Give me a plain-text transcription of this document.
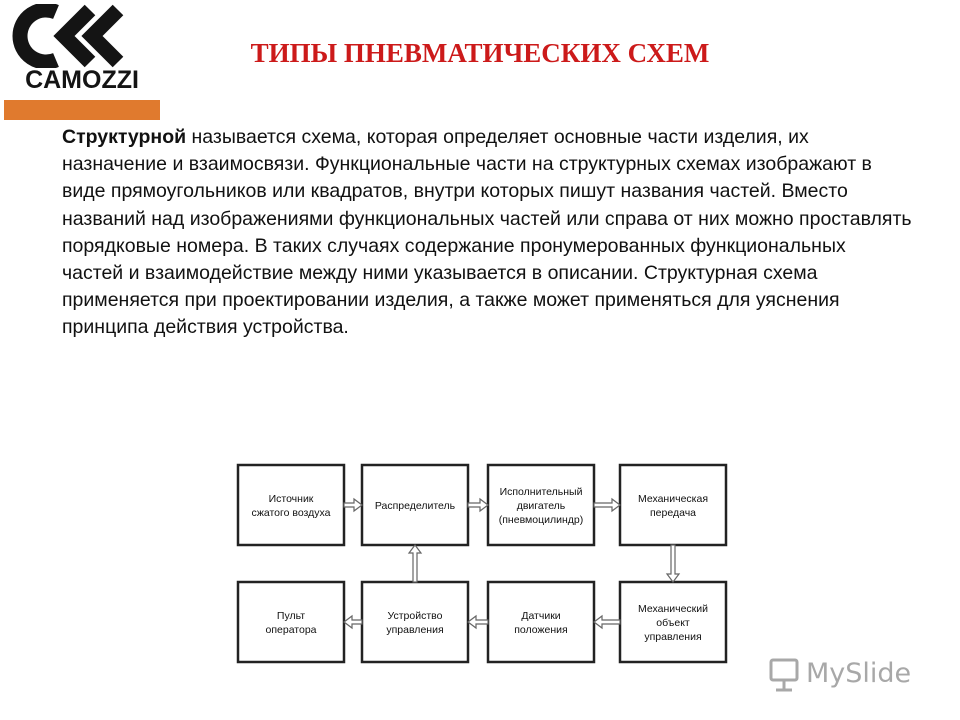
CAMOZZI
ТИПЫ ПНЕВМАТИЧЕСКИХ СХЕМ

Структурной называется схема, которая определяет основные части изделия, их назначение и взаимосвязи. Функциональные части на структурных схемах изображают в виде прямоугольников или квадратов, внутри которых пишут названия частей. Вместо названий над изображениями функциональных частей или справа от них можно проставлять порядковые номера. В таких случаях содержание пронумерованных функциональных частей и взаимодействие между ними указывается в описании. Структурная схема применяется при проектировании изделия, а также может применяться для уяснения принципа действия устройства.

Источник
сжатого воздуха
Распределитель
Исполнительный
двигатель
(пневмоцилиндр)
Механическая
передача
Пульт
оператора
Устройство
управления
Датчики
положения
Механический
объект
управления
MySlide
